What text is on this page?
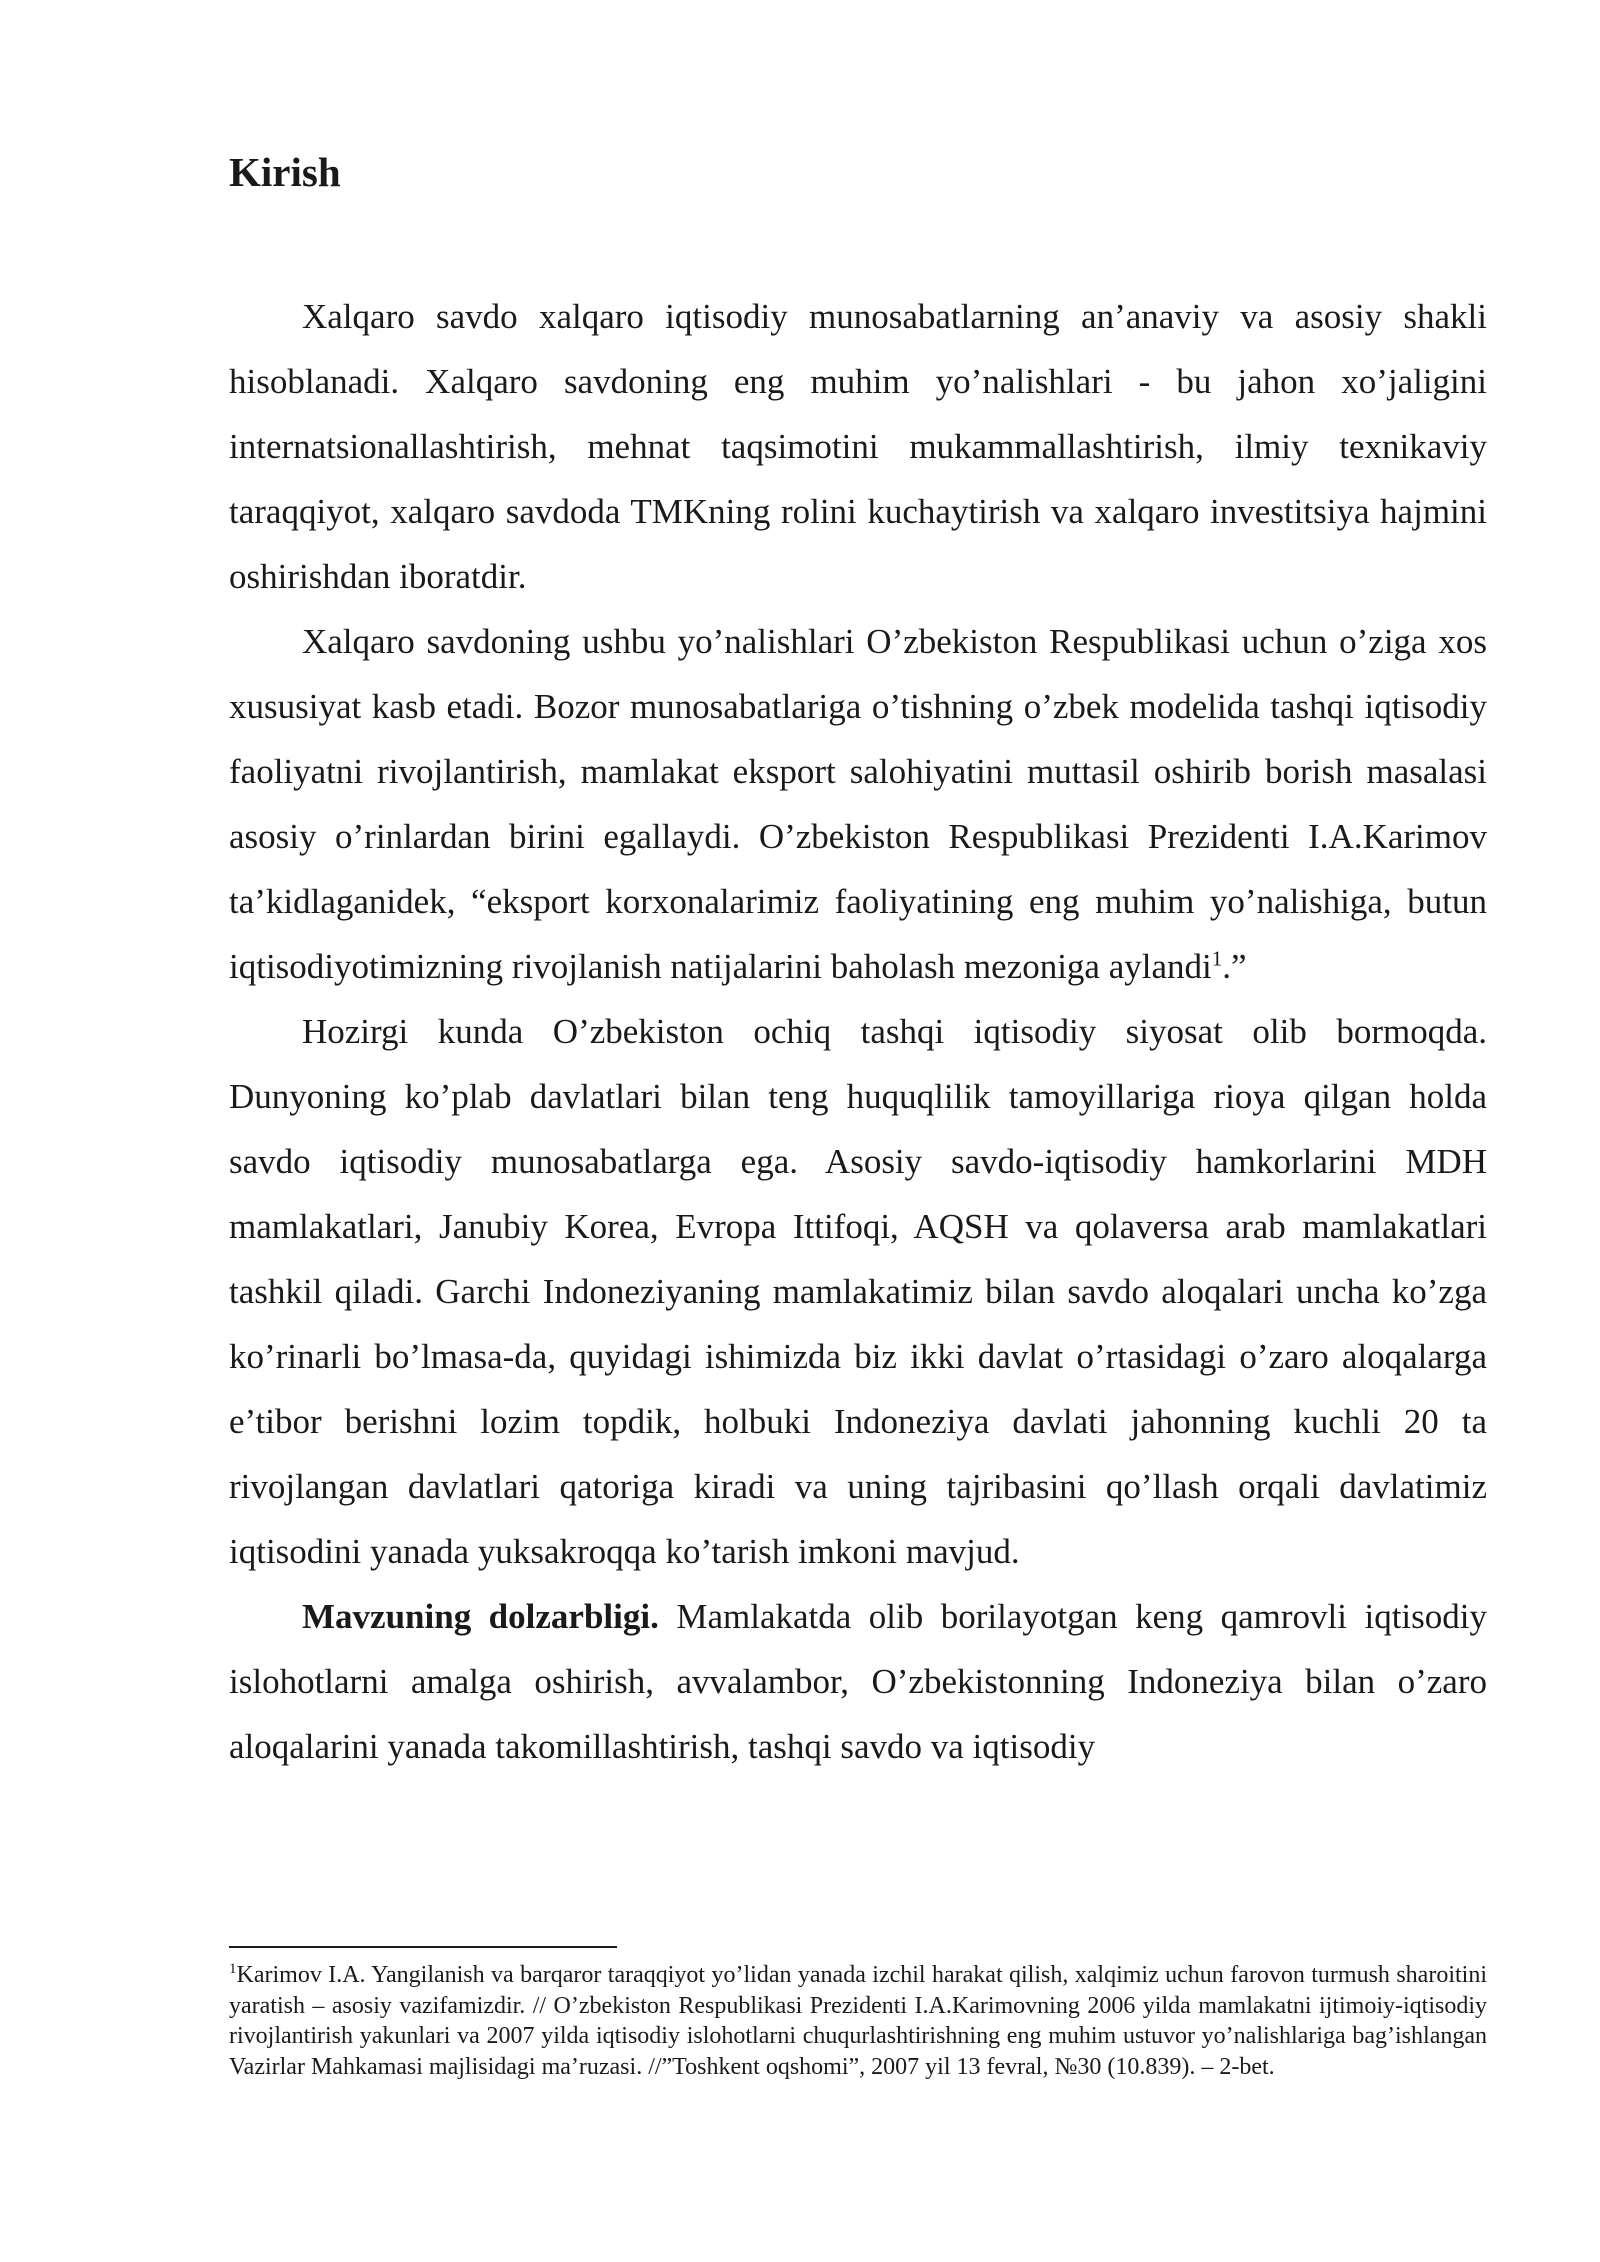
Kirish

Xalqaro savdo xalqaro iqtisodiy munosabatlarning an’anaviy va asosiy shakli hisoblanadi. Xalqaro savdoning eng muhim yo’nalishlari - bu jahon xo’jaligini internatsionallashtirish, mehnat taqsimotini mukammallashtirish, ilmiy texnikaviy taraqqiyot, xalqaro savdoda TMKning rolini kuchaytirish va xalqaro investitsiya hajmini oshirishdan iboratdir.

Xalqaro savdoning ushbu yo’nalishlari O’zbekiston Respublikasi uchun o’ziga xos xususiyat kasb etadi. Bozor munosabatlariga o’tishning o’zbek modelida tashqi iqtisodiy faoliyatni rivojlantirish, mamlakat eksport salohiyatini muttasil oshirib borish masalasi asosiy o’rinlardan birini egallaydi. O’zbekiston Respublikasi Prezidenti I.A.Karimov ta’kidlaganidek, “eksport korxonalarimiz faoliyatining eng muhim yo’nalishiga, butun iqtisodiyotimizning rivojlanish natijalarini baholash mezoniga aylandi$^1$.”

Hozirgi kunda O’zbekiston ochiq tashqi iqtisodiy siyosat olib bormoqda. Dunyoning ko’plab davlatlari bilan teng huquqlilik tamoyillariga rioya qilgan holda savdo iqtisodiy munosabatlarga ega. Asosiy savdo-iqtisodiy hamkorlarini MDH mamlakatlari, Janubiy Korea, Evropa Ittifoqi, AQSH va qolaversa arab mamlakatlari tashkil qiladi. Garchi Indoneziyaning mamlakatimiz bilan savdo aloqalari uncha ko’zga ko’rinarli bo’lmasa-da, quyidagi ishimizda biz ikki davlat o’rtasidagi o’zaro aloqalarga e’tibor berishni lozim topdik, holbuki Indoneziya davlati jahonning kuchli 20 ta rivojlangan davlatlari qatoriga kiradi va uning tajribasini qo’llash orqali davlatimiz iqtisodini yanada yuksakroqqa ko’tarish imkoni mavjud.

Mavzuning dolzarbligi. Mamlakatda olib borilayotgan keng qamrovli iqtisodiy islohotlarni amalga oshirish, avvalambor, O’zbekistonning Indoneziya bilan o’zaro aloqalarini yanada takomillashtirish, tashqi savdo va iqtisodiy

$^1$Karimov I.A. Yangilanish va barqaror taraqqiyot yo’lidan yanada izchil harakat qilish, xalqimiz uchun farovon turmush sharoitini yaratish – asosiy vazifamizdir. // O’zbekiston Respublikasi Prezidenti I.A.Karimovning 2006 yilda mamlakatni ijtimoiy-iqtisodiy rivojlantirish yakunlari va 2007 yilda iqtisodiy islohotlarni chuqurlashtirishning eng muhim ustuvor yo’nalishlariga bag’ishlangan Vazirlar Mahkamasi majlisidagi ma’ruzasi. //”Toshkent oqshomi”, 2007 yil 13 fevral, №30 (10.839). – 2-bet.
